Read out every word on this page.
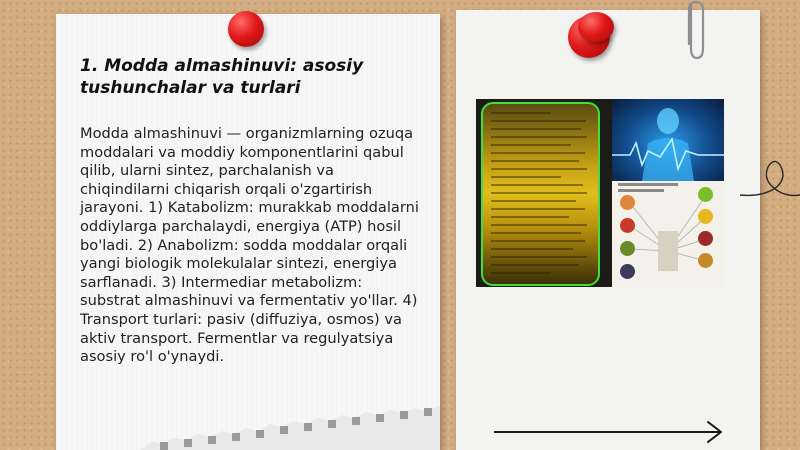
1. Modda almashinuvi: asosiy tushunchalar va turlari

Modda almashinuvi — organizmlarning ozuqa moddalari va moddiy komponentlarini qabul qilib, ularni sintez, parchalanish va chiqindilarni chiqarish orqali o'zgartirish jarayoni. 1) Katabolizm: murakkab moddalarni oddiylarga parchalaydi, energiya (ATP) hosil bo'ladi. 2) Anabolizm: sodda moddalar orqali yangi biologik molekulalar sintezi, energiya sarflanadi. 3) Intermediar metabolizm: substrat almashinuvi va fermentativ yo'llar. 4) Transport turlari: pasiv (diffuziya, osmos) va aktiv transport. Fermentlar va regulyatsiya asosiy ro'l o'ynaydi.
